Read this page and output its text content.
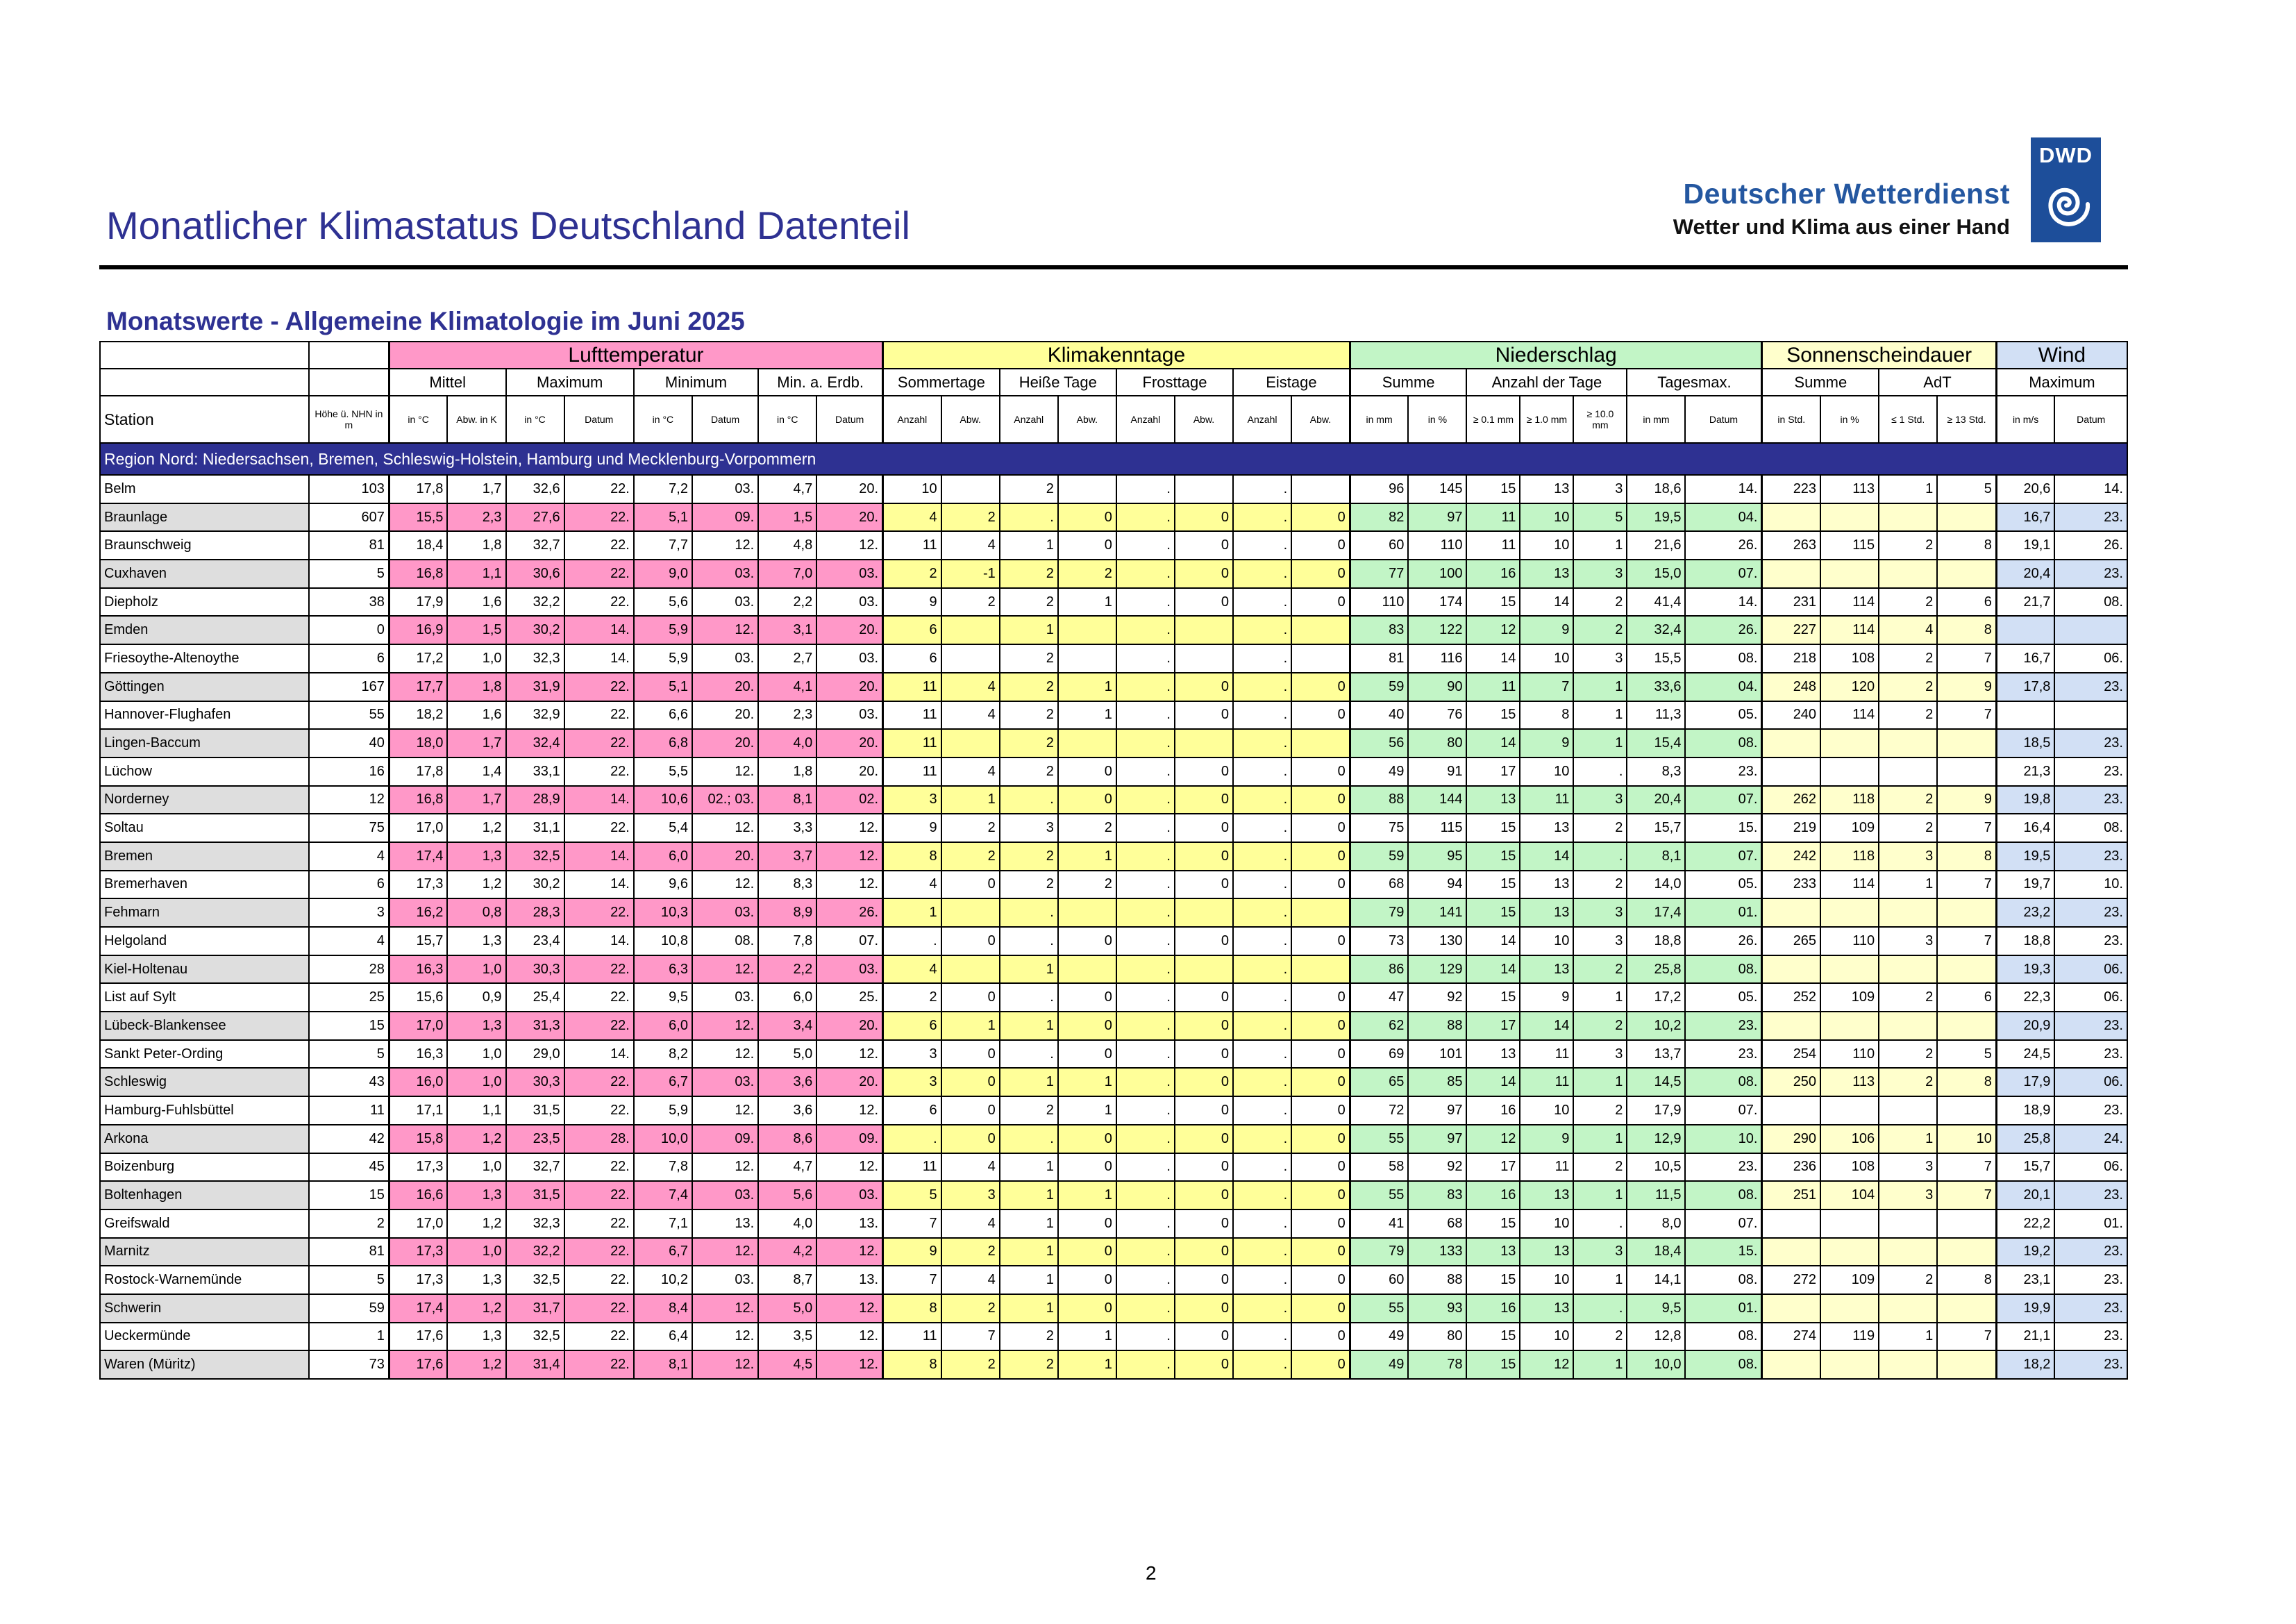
Monatlicher Klimastatus Deutschland Datenteil
Deutscher Wetterdienst
Wetter und Klima aus einer Hand
DWD
Monatswerte - Allgemeine Klimatologie im Juni 2025
		Lufttemperatur								Klimakenntage								Niederschlag							Sonnenscheindauer				Wind	
		Mittel		Maximum		Minimum		Min. a. Erdb.		Sommertage		Heiße Tage		Frosttage		Eistage		Summe		Anzahl der Tage			Tagesmax.		Summe		AdT		Maximum	
Station	Höhe ü. NHN in m	in °C	Abw. in K	in °C	Datum	in °C	Datum	in °C	Datum	Anzahl	Abw.	Anzahl	Abw.	Anzahl	Abw.	Anzahl	Abw.	in mm	in %	≥ 0.1 mm	≥ 1.0 mm	≥ 10.0 mm	in mm	Datum	in Std.	in %	≤ 1 Std.	≥ 13 Std.	in m/s	Datum
Region Nord: Niedersachsen, Bremen, Schleswig-Holstein, Hamburg und Mecklenburg-Vorpommern																														
Belm	103	17,8	1,7	32,6	22.	7,2	03.	4,7	20.	10		2		.		.		96	145	15	13	3	18,6	14.	223	113	1	5	20,6	14.
Braunlage	607	15,5	2,3	27,6	22.	5,1	09.	1,5	20.	4	2	.	0	.	0	.	0	82	97	11	10	5	19,5	04.					16,7	23.
Braunschweig	81	18,4	1,8	32,7	22.	7,7	12.	4,8	12.	11	4	1	0	.	0	.	0	60	110	11	10	1	21,6	26.	263	115	2	8	19,1	26.
Cuxhaven	5	16,8	1,1	30,6	22.	9,0	03.	7,0	03.	2	-1	2	2	.	0	.	0	77	100	16	13	3	15,0	07.					20,4	23.
Diepholz	38	17,9	1,6	32,2	22.	5,6	03.	2,2	03.	9	2	2	1	.	0	.	0	110	174	15	14	2	41,4	14.	231	114	2	6	21,7	08.
Emden	0	16,9	1,5	30,2	14.	5,9	12.	3,1	20.	6		1		.		.		83	122	12	9	2	32,4	26.	227	114	4	8		
Friesoythe-Altenoythe	6	17,2	1,0	32,3	14.	5,9	03.	2,7	03.	6		2		.		.		81	116	14	10	3	15,5	08.	218	108	2	7	16,7	06.
Göttingen	167	17,7	1,8	31,9	22.	5,1	20.	4,1	20.	11	4	2	1	.	0	.	0	59	90	11	7	1	33,6	04.	248	120	2	9	17,8	23.
Hannover-Flughafen	55	18,2	1,6	32,9	22.	6,6	20.	2,3	03.	11	4	2	1	.	0	.	0	40	76	15	8	1	11,3	05.	240	114	2	7		
Lingen-Baccum	40	18,0	1,7	32,4	22.	6,8	20.	4,0	20.	11		2		.		.		56	80	14	9	1	15,4	08.					18,5	23.
Lüchow	16	17,8	1,4	33,1	22.	5,5	12.	1,8	20.	11	4	2	0	.	0	.	0	49	91	17	10	.	8,3	23.					21,3	23.
Norderney	12	16,8	1,7	28,9	14.	10,6	02.; 03.	8,1	02.	3	1	.	0	.	0	.	0	88	144	13	11	3	20,4	07.	262	118	2	9	19,8	23.
Soltau	75	17,0	1,2	31,1	22.	5,4	12.	3,3	12.	9	2	3	2	.	0	.	0	75	115	15	13	2	15,7	15.	219	109	2	7	16,4	08.
Bremen	4	17,4	1,3	32,5	14.	6,0	20.	3,7	12.	8	2	2	1	.	0	.	0	59	95	15	14	.	8,1	07.	242	118	3	8	19,5	23.
Bremerhaven	6	17,3	1,2	30,2	14.	9,6	12.	8,3	12.	4	0	2	2	.	0	.	0	68	94	15	13	2	14,0	05.	233	114	1	7	19,7	10.
Fehmarn	3	16,2	0,8	28,3	22.	10,3	03.	8,9	26.	1		.		.		.		79	141	15	13	3	17,4	01.					23,2	23.
Helgoland	4	15,7	1,3	23,4	14.	10,8	08.	7,8	07.	.	0	.	0	.	0	.	0	73	130	14	10	3	18,8	26.	265	110	3	7	18,8	23.
Kiel-Holtenau	28	16,3	1,0	30,3	22.	6,3	12.	2,2	03.	4		1		.		.		86	129	14	13	2	25,8	08.					19,3	06.
List auf Sylt	25	15,6	0,9	25,4	22.	9,5	03.	6,0	25.	2	0	.	0	.	0	.	0	47	92	15	9	1	17,2	05.	252	109	2	6	22,3	06.
Lübeck-Blankensee	15	17,0	1,3	31,3	22.	6,0	12.	3,4	20.	6	1	1	0	.	0	.	0	62	88	17	14	2	10,2	23.					20,9	23.
Sankt Peter-Ording	5	16,3	1,0	29,0	14.	8,2	12.	5,0	12.	3	0	.	0	.	0	.	0	69	101	13	11	3	13,7	23.	254	110	2	5	24,5	23.
Schleswig	43	16,0	1,0	30,3	22.	6,7	03.	3,6	20.	3	0	1	1	.	0	.	0	65	85	14	11	1	14,5	08.	250	113	2	8	17,9	06.
Hamburg-Fuhlsbüttel	11	17,1	1,1	31,5	22.	5,9	12.	3,6	12.	6	0	2	1	.	0	.	0	72	97	16	10	2	17,9	07.					18,9	23.
Arkona	42	15,8	1,2	23,5	28.	10,0	09.	8,6	09.	.	0	.	0	.	0	.	0	55	97	12	9	1	12,9	10.	290	106	1	10	25,8	24.
Boizenburg	45	17,3	1,0	32,7	22.	7,8	12.	4,7	12.	11	4	1	0	.	0	.	0	58	92	17	11	2	10,5	23.	236	108	3	7	15,7	06.
Boltenhagen	15	16,6	1,3	31,5	22.	7,4	03.	5,6	03.	5	3	1	1	.	0	.	0	55	83	16	13	1	11,5	08.	251	104	3	7	20,1	23.
Greifswald	2	17,0	1,2	32,3	22.	7,1	13.	4,0	13.	7	4	1	0	.	0	.	0	41	68	15	10	.	8,0	07.					22,2	01.
Marnitz	81	17,3	1,0	32,2	22.	6,7	12.	4,2	12.	9	2	1	0	.	0	.	0	79	133	13	13	3	18,4	15.					19,2	23.
Rostock-Warnemünde	5	17,3	1,3	32,5	22.	10,2	03.	8,7	13.	7	4	1	0	.	0	.	0	60	88	15	10	1	14,1	08.	272	109	2	8	23,1	23.
Schwerin	59	17,4	1,2	31,7	22.	8,4	12.	5,0	12.	8	2	1	0	.	0	.	0	55	93	16	13	.	9,5	01.					19,9	23.
Ueckermünde	1	17,6	1,3	32,5	22.	6,4	12.	3,5	12.	11	7	2	1	.	0	.	0	49	80	15	10	2	12,8	08.	274	119	1	7	21,1	23.
Waren (Müritz)	73	17,6	1,2	31,4	22.	8,1	12.	4,5	12.	8	2	2	1	.	0	.	0	49	78	15	12	1	10,0	08.					18,2	23.
2
